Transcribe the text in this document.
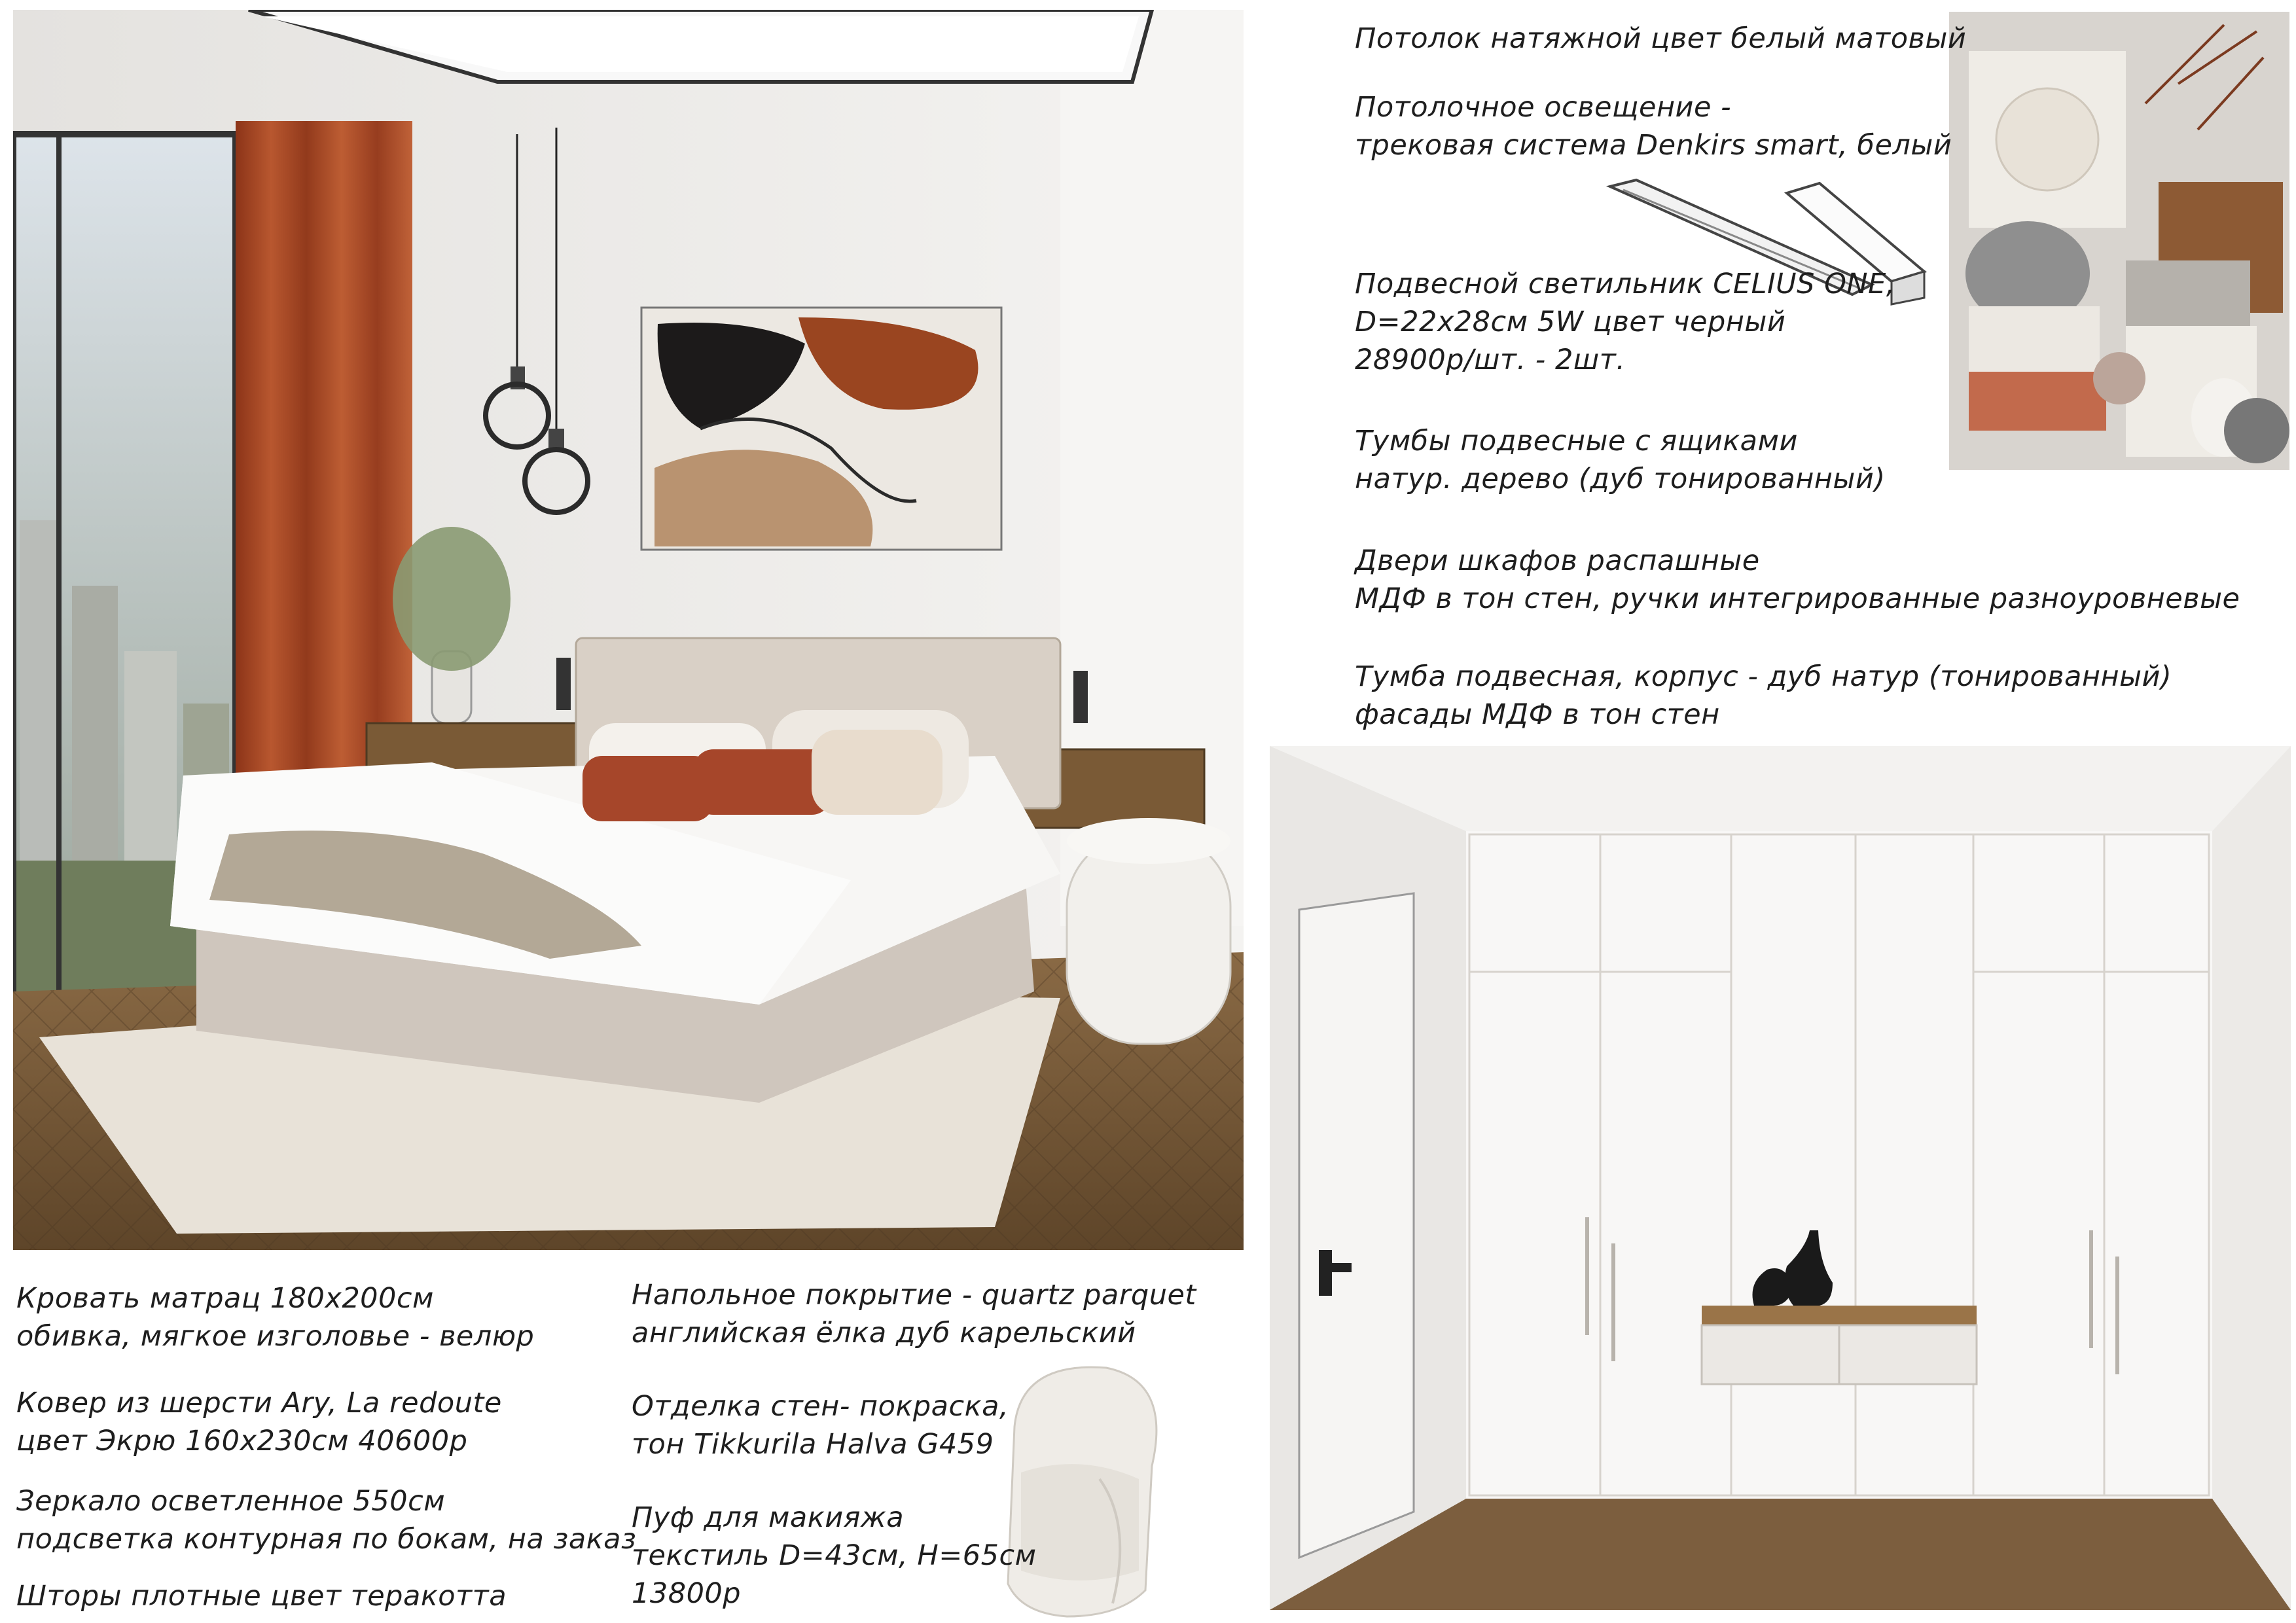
Потолок натяжной цвет белый матовый
Потолочное освещение -
трековая система Denkirs smart, белый
Подвесной светильник CELIUS ONE,
D=22х28см 5W цвет черный
28900р/шт. - 2шт.
Тумбы подвесные с ящиками
натур. дерево (дуб тонированный)
Двери шкафов распашные
МДФ в тон стен, ручки интегрированные разноуровневые
Тумба подвесная, корпус - дуб натур (тонированный)
фасады МДФ в тон стен
Кровать матрац 180х200см
обивка, мягкое изголовье - велюр
Ковер из шерсти Ary, La redoute
цвет Экрю 160х230см 40600р
Зеркало осветленное 550см
подсветка контурная по бокам, на заказ
Шторы плотные цвет теракотта
Напольное покрытие - quartz parquet
английская ёлка дуб карельский
Отделка стен- покраска,
тон Tikkurila Halva G459
Пуф для макияжа
текстиль D=43см, H=65см
13800р
